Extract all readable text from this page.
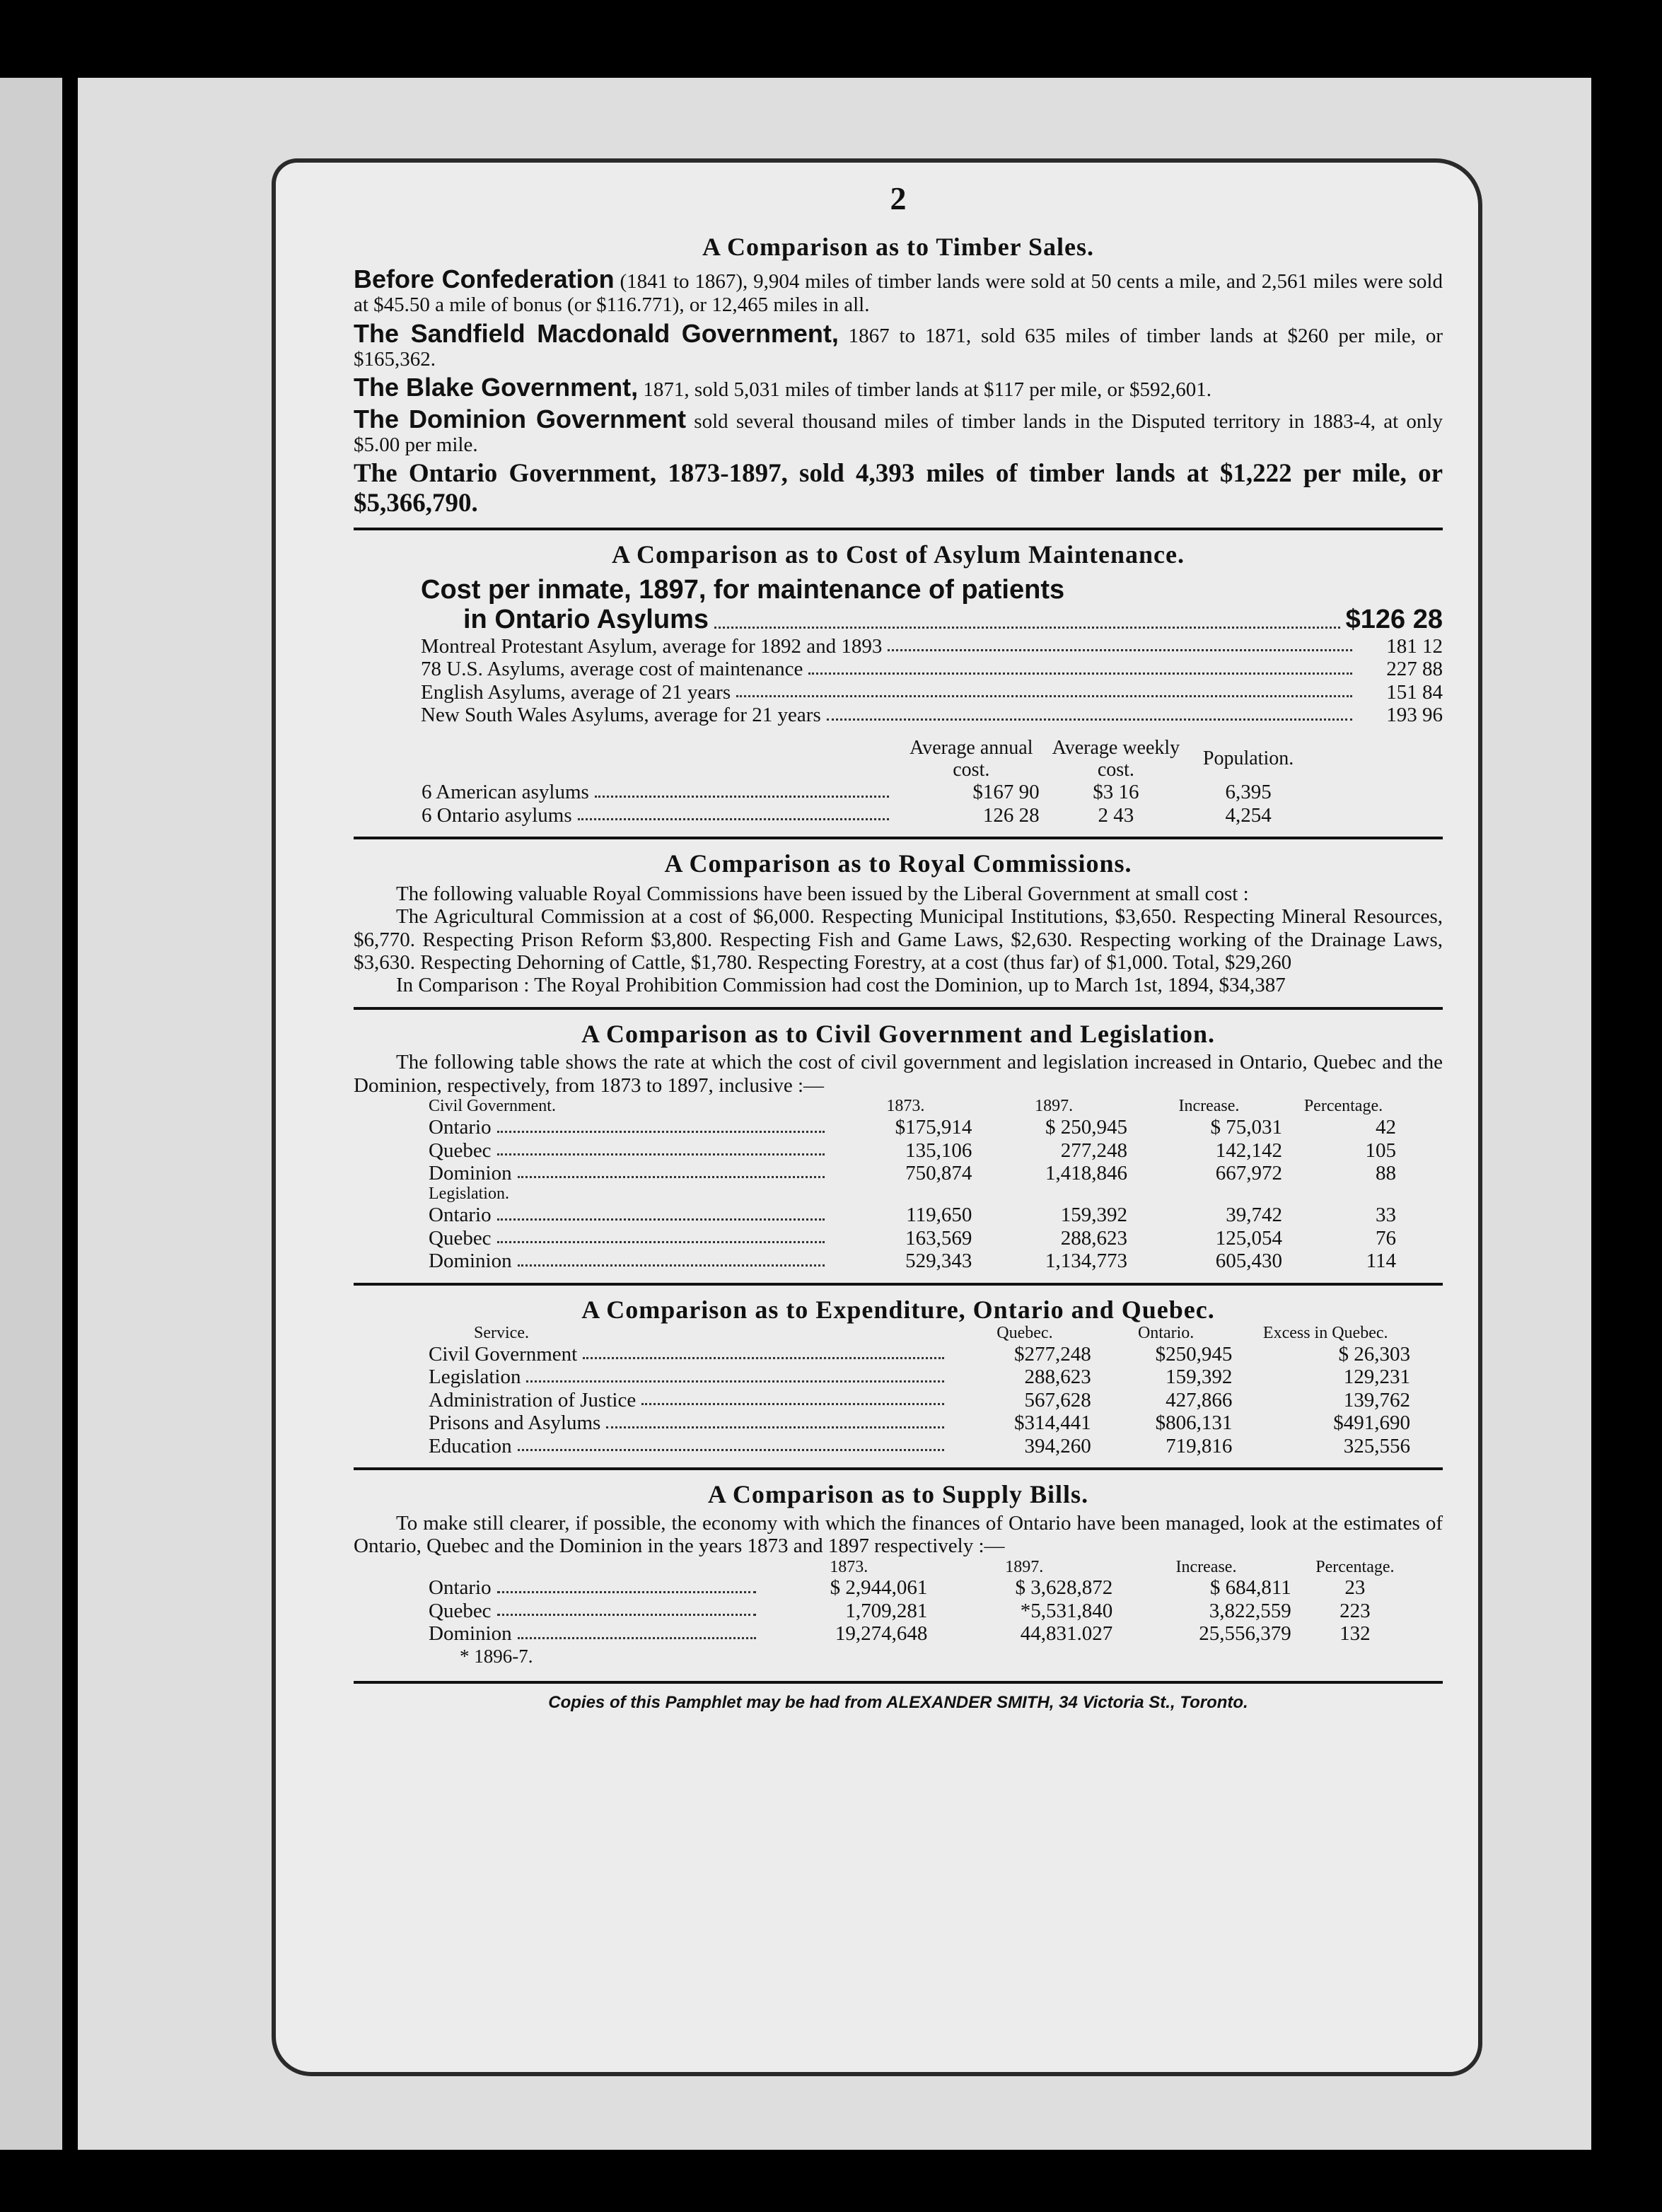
2
A Comparison as to Timber Sales.

Before Confederation (1841 to 1867), 9,904 miles of timber lands were sold at 50 cents a mile, and 2,561 miles were sold at $45.50 a mile of bonus (or $116.771), or 12,465 miles in all.

The Sandfield Macdonald Government, 1867 to 1871, sold 635 miles of timber lands at $260 per mile, or $165,362.

The Blake Government, 1871, sold 5,031 miles of timber lands at $117 per mile, or $592,601.

The Dominion Government sold several thousand miles of timber lands in the Disputed territory in 1883-4, at only $5.00 per mile.

The Ontario Government, 1873-1897, sold 4,393 miles of timber lands at $1,222 per mile, or $5,366,790.

A Comparison as to Cost of Asylum Maintenance.
Cost per inmate, 1897, for maintenance of patients
in Ontario Asylums	$126 28
Montreal Protestant Asylum, average for 1892 and 1893	181 12
78 U.S. Asylums, average cost of maintenance	227 88
English Asylums, average of 21 years	151 84
New South Wales Asylums, average for 21 years	193 96
	Average annual cost.	Average weekly cost.	Population.

6 American asylums	$167 90	$3 16	6,395

6 Ontario asylums	126 28	2 43	4,254
A Comparison as to Royal Commissions.

The following valuable Royal Commissions have been issued by the Liberal Government at small cost :

The Agricultural Commission at a cost of $6,000. Respecting Municipal Institutions, $3,650. Respecting Mineral Resources, $6,770. Respecting Prison Reform $3,800. Respecting Fish and Game Laws, $2,630. Respecting working of the Drainage Laws, $3,630. Respecting Dehorning of Cattle, $1,780. Respecting Forestry, at a cost (thus far) of $1,000. Total, $29,260

In Comparison : The Royal Prohibition Commission had cost the Dominion, up to March 1st, 1894, $34,387

A Comparison as to Civil Government and Legislation.

The following table shows the rate at which the cost of civil government and legislation increased in Ontario, Quebec and the Dominion, respectively, from 1873 to 1897, inclusive :—

Civil Government.	1873.	1897.	Increase.	Percentage.

Ontario	$175,914	$ 250,945	$ 75,031	42

Quebec	135,106	277,248	142,142	105

Dominion	750,874	1,418,846	667,972	88
Legislation.				

Ontario	119,650	159,392	39,742	33

Quebec	163,569	288,623	125,054	76

Dominion	529,343	1,134,773	605,430	114
A Comparison as to Expenditure, Ontario and Quebec.
Service.	Quebec.	Ontario.	Excess in Quebec.

Civil Government	$277,248	$250,945	$ 26,303

Legislation	288,623	159,392	129,231

Administration of Justice	567,628	427,866	139,762

Prisons and Asylums	$314,441	$806,131	$491,690

Education	394,260	719,816	325,556
A Comparison as to Supply Bills.

To make still clearer, if possible, the economy with which the finances of Ontario have been managed, look at the estimates of Ontario, Quebec and the Dominion in the years 1873 and 1897 respectively :—

	1873.	1897.	Increase.	Percentage.

Ontario	$ 2,944,061	$ 3,628,872	$ 684,811	23

Quebec	1,709,281	*5,531,840	3,822,559	223

Dominion	19,274,648	44,831.027	25,556,379	132
* 1896-7.
Copies of this Pamphlet may be had from ALEXANDER SMITH, 34 Victoria St., Toronto.
